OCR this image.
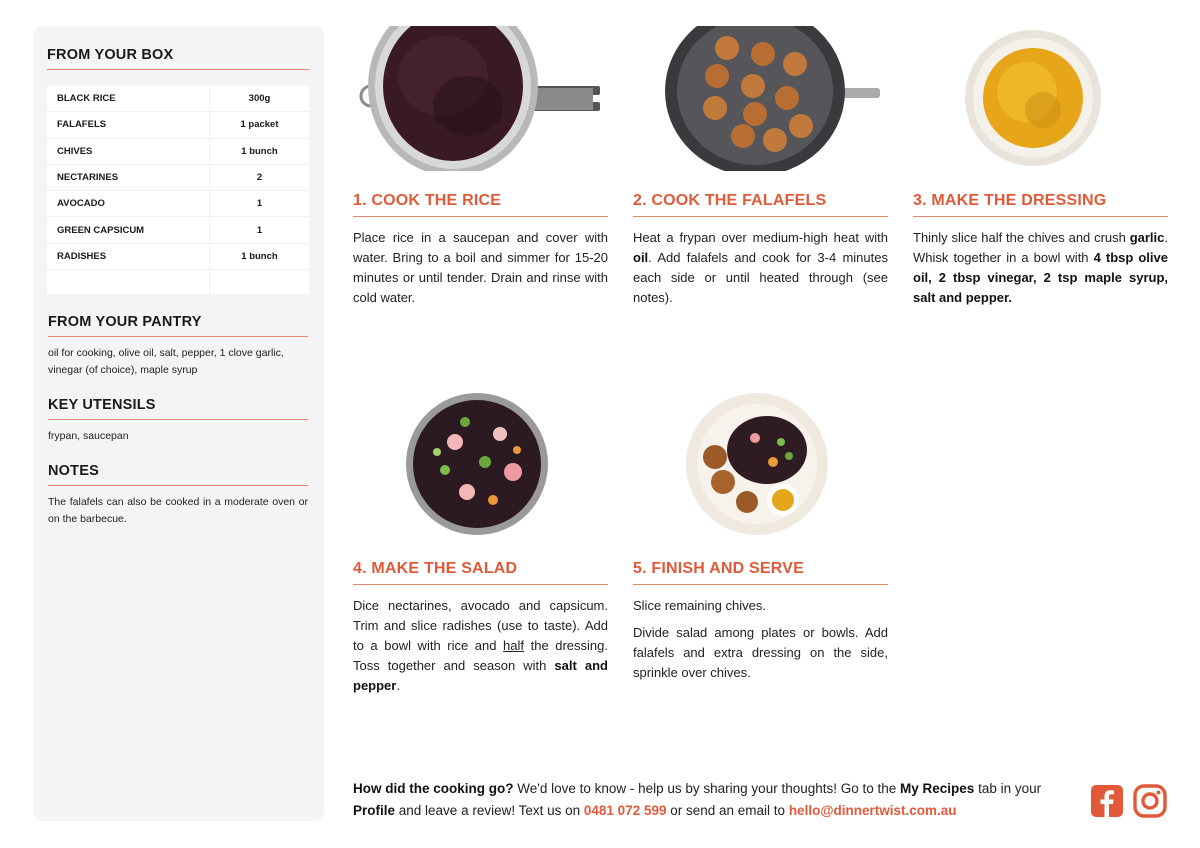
FROM YOUR BOX
BLACK RICE	300g
FALAFELS	1 packet
CHIVES	1 bunch
NECTARINES	2
AVOCADO	1
GREEN CAPSICUM	1
RADISHES	1 bunch
FROM YOUR PANTRY
oil for cooking, olive oil, salt, pepper, 1 clove garlic, vinegar (of choice), maple syrup
KEY UTENSILS
frypan, saucepan
NOTES
The falafels can also be cooked in a moderate oven or on the barbecue.
1. COOK THE RICE
Place rice in a saucepan and cover with water. Bring to a boil and simmer for 15-20 minutes or until tender. Drain and rinse with cold water.
2. COOK THE FALAFELS
Heat a frypan over medium-high heat with oil. Add falafels and cook for 3-4 minutes each side or until heated through (see notes).
3. MAKE THE DRESSING
Thinly slice half the chives and crush garlic. Whisk together in a bowl with 4 tbsp olive oil, 2 tbsp vinegar, 2 tsp maple syrup, salt and pepper.
4. MAKE THE SALAD
Dice nectarines, avocado and capsicum. Trim and slice radishes (use to taste). Add to a bowl with rice and half the dressing. Toss together and season with salt and pepper.
5. FINISH AND SERVE

Slice remaining chives.

Divide salad among plates or bowls. Add falafels and extra dressing on the side, sprinkle over chives.

How did the cooking go? We'd love to know - help us by sharing your thoughts! Go to the My Recipes tab in your Profile and leave a review! Text us on 0481 072 599 or send an email to hello@dinnertwist.com.au
